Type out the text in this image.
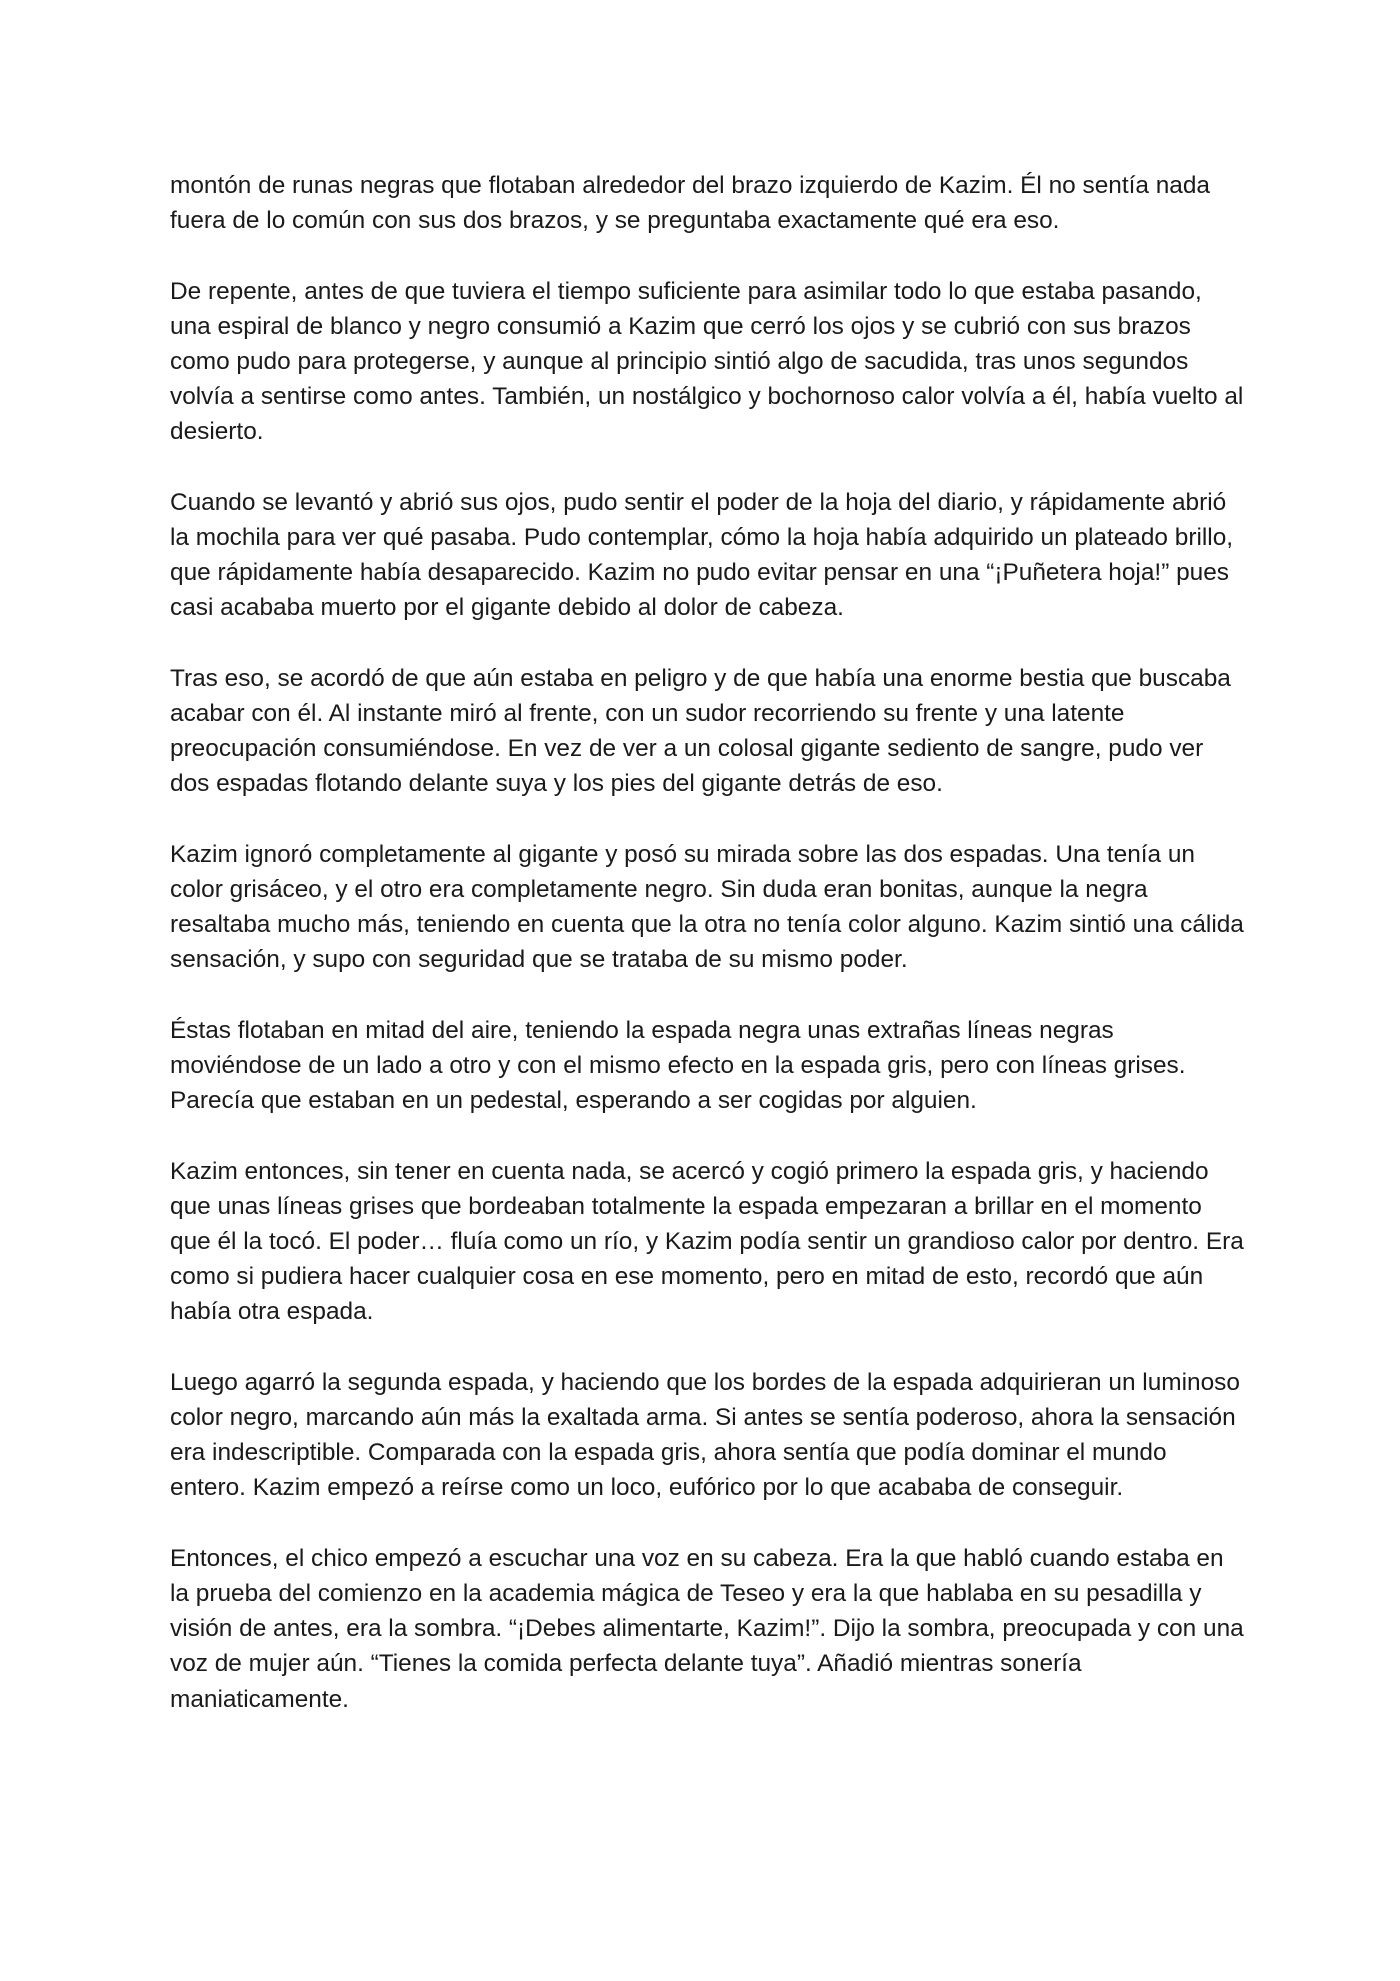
montón de runas negras que flotaban alrededor del brazo izquierdo de Kazim. Él no sentía nada fuera de lo común con sus dos brazos, y se preguntaba exactamente qué era eso.

De repente, antes de que tuviera el tiempo suficiente para asimilar todo lo que estaba pasando, una espiral de blanco y negro consumió a Kazim que cerró los ojos y se cubrió con sus brazos como pudo para protegerse, y aunque al principio sintió algo de sacudida, tras unos segundos volvía a sentirse como antes. También, un nostálgico y bochornoso calor volvía a él, había vuelto al desierto.

Cuando se levantó y abrió sus ojos, pudo sentir el poder de la hoja del diario, y rápidamente abrió la mochila para ver qué pasaba. Pudo contemplar, cómo la hoja había adquirido un plateado brillo, que rápidamente había desaparecido. Kazim no pudo evitar pensar en una “¡Puñetera hoja!” pues casi acababa muerto por el gigante debido al dolor de cabeza.

Tras eso, se acordó de que aún estaba en peligro y de que había una enorme bestia que buscaba acabar con él. Al instante miró al frente, con un sudor recorriendo su frente y una latente preocupación consumiéndose. En vez de ver a un colosal gigante sediento de sangre, pudo ver dos espadas flotando delante suya y los pies del gigante detrás de eso.

Kazim ignoró completamente al gigante y posó su mirada sobre las dos espadas. Una tenía un color grisáceo, y el otro era completamente negro. Sin duda eran bonitas, aunque la negra resaltaba mucho más, teniendo en cuenta que la otra no tenía color alguno. Kazim sintió una cálida sensación, y supo con seguridad que se trataba de su mismo poder.

Éstas flotaban en mitad del aire, teniendo la espada negra unas extrañas líneas negras moviéndose de un lado a otro y con el mismo efecto en la espada gris, pero con líneas grises. Parecía que estaban en un pedestal, esperando a ser cogidas por alguien.

Kazim entonces, sin tener en cuenta nada, se acercó y cogió primero la espada gris, y haciendo que unas líneas grises que bordeaban totalmente la espada empezaran a brillar en el momento que él la tocó. El poder… fluía como un río, y Kazim podía sentir un grandioso calor por dentro. Era como si pudiera hacer cualquier cosa en ese momento, pero en mitad de esto, recordó que aún había otra espada.

Luego agarró la segunda espada, y haciendo que los bordes de la espada adquirieran un luminoso color negro, marcando aún más la exaltada arma. Si antes se sentía poderoso, ahora la sensación era indescriptible. Comparada con la espada gris, ahora sentía que podía dominar el mundo entero. Kazim empezó a reírse como un loco, eufórico por lo que acababa de conseguir.

Entonces, el chico empezó a escuchar una voz en su cabeza. Era la que habló cuando estaba en la prueba del comienzo en la academia mágica de Teseo y era la que hablaba en su pesadilla y visión de antes, era la sombra. “¡Debes alimentarte, Kazim!”. Dijo la sombra, preocupada y con una voz de mujer aún. “Tienes la comida perfecta delante tuya”. Añadió mientras sonería maniaticamente.
